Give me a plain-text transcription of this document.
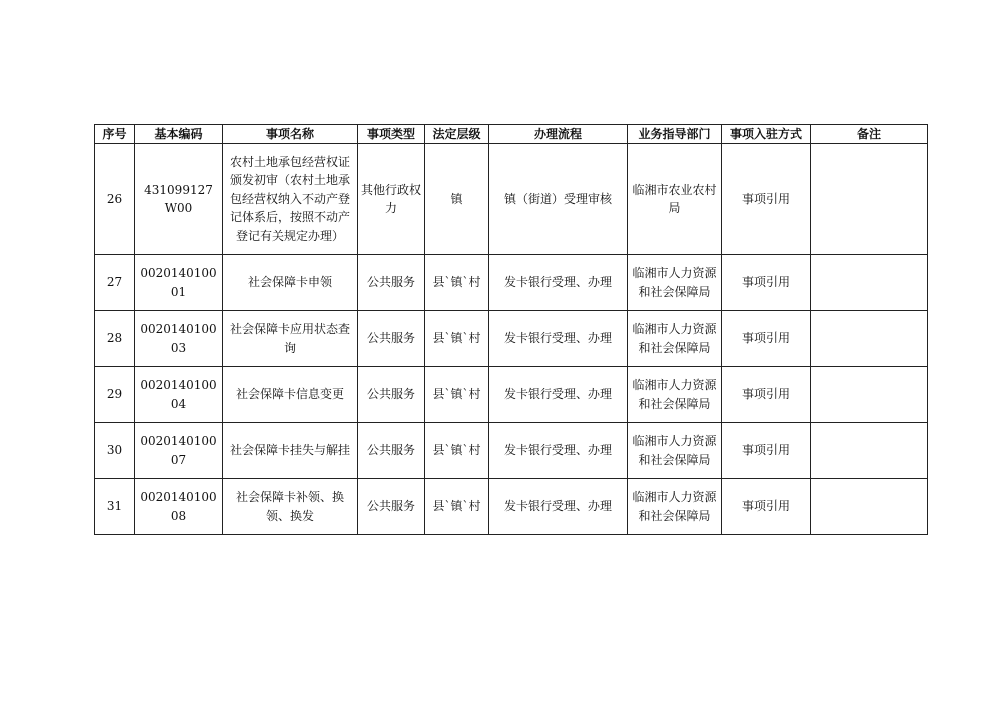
序号	基本编码	事项名称	事项类型	法定层级	办理流程	业务指导部门	事项入驻方式	备注
26	431099127W00	农村土地承包经营权证颁发初审（农村土地承包经营权纳入不动产登记体系后，按照不动产登记有关规定办理）	其他行政权力	镇	镇（街道）受理审核	临湘市农业农村局	事项引用	
27	002014010001	社会保障卡申领	公共服务	县`镇`村	发卡银行受理、办理	临湘市人力资源和社会保障局	事项引用	
28	002014010003	社会保障卡应用状态查询	公共服务	县`镇`村	发卡银行受理、办理	临湘市人力资源和社会保障局	事项引用	
29	002014010004	社会保障卡信息变更	公共服务	县`镇`村	发卡银行受理、办理	临湘市人力资源和社会保障局	事项引用	
30	002014010007	社会保障卡挂失与解挂	公共服务	县`镇`村	发卡银行受理、办理	临湘市人力资源和社会保障局	事项引用	
31	002014010008	社会保障卡补领、换领、换发	公共服务	县`镇`村	发卡银行受理、办理	临湘市人力资源和社会保障局	事项引用	
